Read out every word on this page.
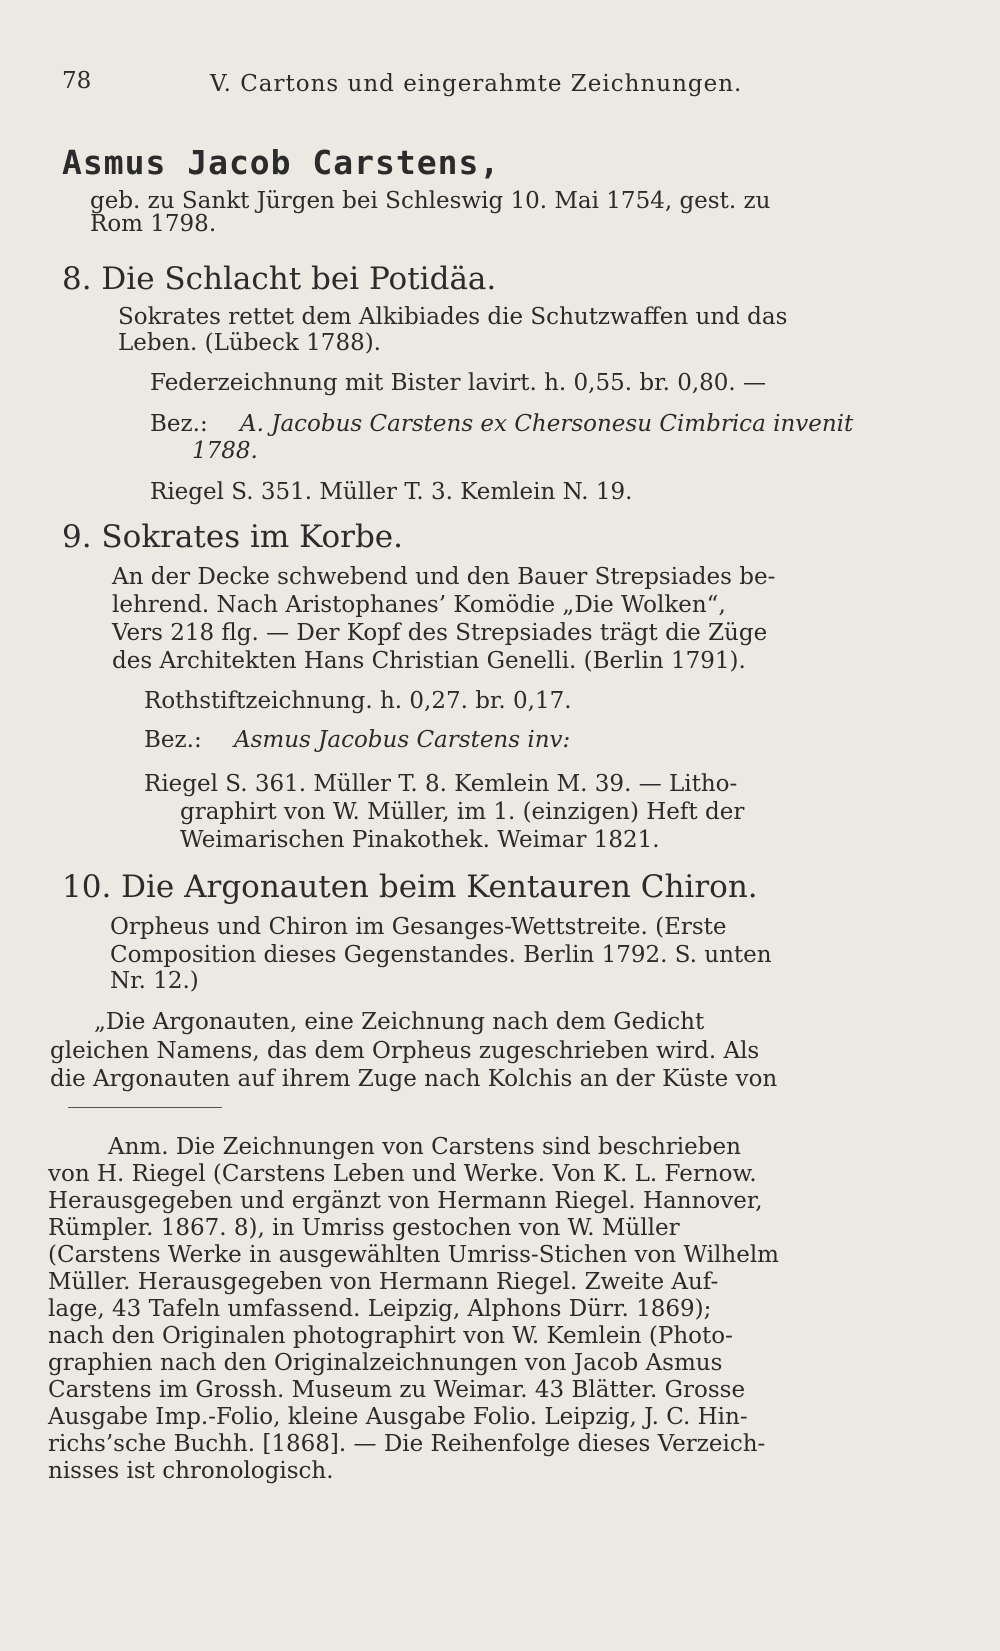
78	V. Cartons und eingerahmte Zeichnungen.
Asmus Jacob Carstens,
geb. zu Sankt Jürgen bei Schleswig 10. Mai 1754, gest. zu
Rom 1798.
8. Die Schlacht bei Potidäa.
Sokrates rettet dem Alkibiades die Schutzwaffen und das
Leben. (Lübeck 1788).
Federzeichnung mit Bister lavirt. h. 0,55. br. 0,80. —
Bez.: A. Jacobus Carstens ex Chersonesu Cimbrica invenit
1788.
Riegel S. 351. Müller T. 3. Kemlein N. 19.
9. Sokrates im Korbe.
An der Decke schwebend und den Bauer Strepsiades be-
lehrend. Nach Aristophanes’ Komödie „Die Wolken“,
Vers 218 flg. — Der Kopf des Strepsiades trägt die Züge
des Architekten Hans Christian Genelli. (Berlin 1791).
Rothstiftzeichnung. h. 0,27. br. 0,17.
Bez.: Asmus Jacobus Carstens inv:
Riegel S. 361. Müller T. 8. Kemlein M. 39. — Litho-
graphirt von W. Müller, im 1. (einzigen) Heft der
Weimarischen Pinakothek. Weimar 1821.
10. Die Argonauten beim Kentauren Chiron.
Orpheus und Chiron im Gesanges-Wettstreite. (Erste
Composition dieses Gegenstandes. Berlin 1792. S. unten
Nr. 12.)
„Die Argonauten, eine Zeichnung nach dem Gedicht
gleichen Namens, das dem Orpheus zugeschrieben wird. Als
die Argonauten auf ihrem Zuge nach Kolchis an der Küste von
Anm. Die Zeichnungen von Carstens sind beschrieben
von H. Riegel (Carstens Leben und Werke. Von K. L. Fernow.
Herausgegeben und ergänzt von Hermann Riegel. Hannover,
Rümpler. 1867. 8), in Umriss gestochen von W. Müller
(Carstens Werke in ausgewählten Umriss-Stichen von Wilhelm
Müller. Herausgegeben von Hermann Riegel. Zweite Auf-
lage, 43 Tafeln umfassend. Leipzig, Alphons Dürr. 1869);
nach den Originalen photographirt von W. Kemlein (Photo-
graphien nach den Originalzeichnungen von Jacob Asmus
Carstens im Grossh. Museum zu Weimar. 43 Blätter. Grosse
Ausgabe Imp.-Folio, kleine Ausgabe Folio. Leipzig, J. C. Hin-
richs’sche Buchh. [1868]. — Die Reihenfolge dieses Verzeich-
nisses ist chronologisch.
